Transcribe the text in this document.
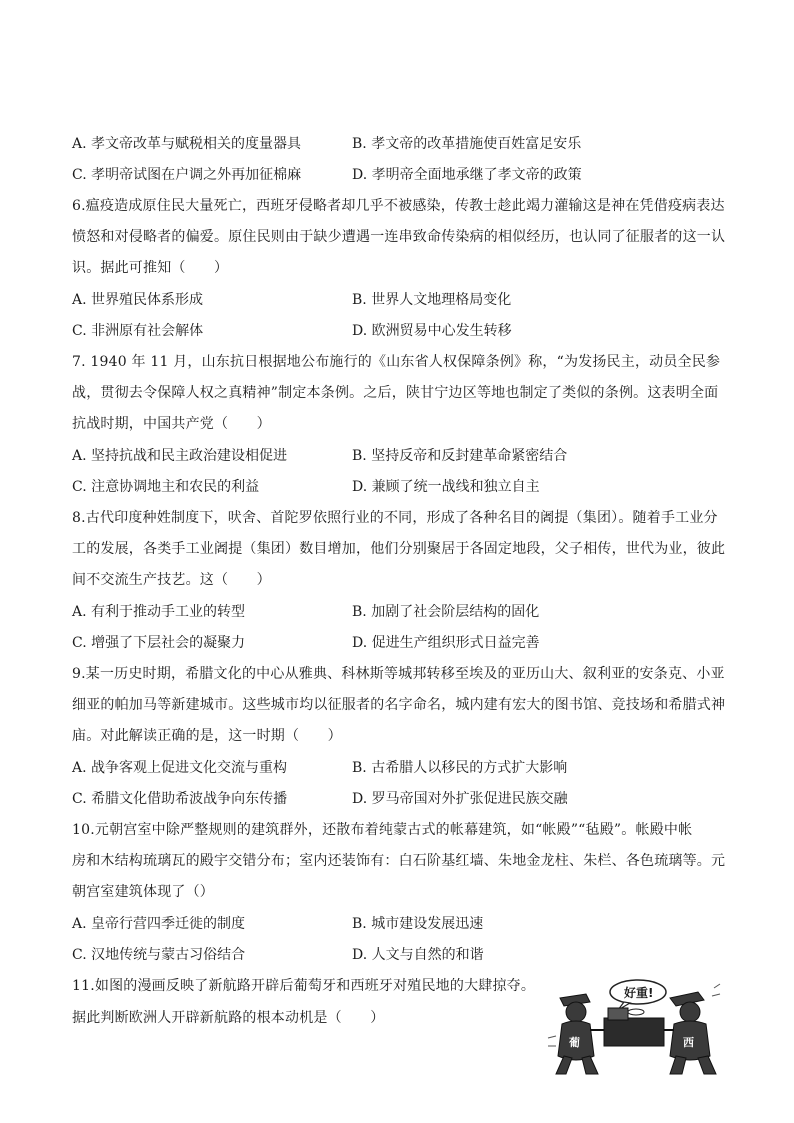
A. 孝文帝改革与赋税相关的度量器具	B. 孝文帝的改革措施使百姓富足安乐
C. 孝明帝试图在户调之外再加征棉麻	D. 孝明帝全面地承继了孝文帝的政策
6.瘟疫造成原住民大量死亡，西班牙侵略者却几乎不被感染，传教士趁此竭力灌输这是神在凭借疫病表达
愤怒和对侵略者的偏爱。原住民则由于缺少遭遇一连串致命传染病的相似经历，也认同了征服者的这一认
识。据此可推知（　　）
A. 世界殖民体系形成	B. 世界人文地理格局变化
C. 非洲原有社会解体	D. 欧洲贸易中心发生转移
7. 1940 年 11 月，山东抗日根据地公布施行的《山东省人权保障条例》称，“为发扬民主，动员全民参
战，贯彻去令保障人权之真精神”制定本条例。之后，陕甘宁边区等地也制定了类似的条例。这表明全面
抗战时期，中国共产党（　　）
A. 坚持抗战和民主政治建设相促进	B. 坚持反帝和反封建革命紧密结合
C. 注意协调地主和农民的利益	D. 兼顾了统一战线和独立自主
8.古代印度种姓制度下，吠舍、首陀罗依照行业的不同，形成了各种名目的阇提（集团）。随着手工业分
工的发展，各类手工业阇提（集团）数目增加，他们分别聚居于各固定地段，父子相传，世代为业，彼此
间不交流生产技艺。这（　　）
A. 有利于推动手工业的转型	B. 加剧了社会阶层结构的固化
C. 增强了下层社会的凝聚力	D. 促进生产组织形式日益完善
9.某一历史时期，希腊文化的中心从雅典、科林斯等城邦转移至埃及的亚历山大、叙利亚的安条克、小亚
细亚的帕加马等新建城市。这些城市均以征服者的名字命名，城内建有宏大的图书馆、竞技场和希腊式神
庙。对此解读正确的是，这一时期（　　）
A. 战争客观上促进文化交流与重构	B. 古希腊人以移民的方式扩大影响
C. 希腊文化借助希波战争向东传播	D. 罗马帝国对外扩张促进民族交融
10.元朝宫室中除严整规则的建筑群外，还散布着纯蒙古式的帐幕建筑，如“帐殿”“毡殿”。帐殿中帐
房和木结构琉璃瓦的殿宇交错分布；室内还装饰有：白石阶基红墙、朱地金龙柱、朱栏、各色琉璃等。元
朝宫室建筑体现了（）
A. 皇帝行营四季迁徙的制度	B. 城市建设发展迅速
C. 汉地传统与蒙古习俗结合	D. 人文与自然的和谐
11.如图的漫画反映了新航路开辟后葡萄牙和西班牙对殖民地的大肆掠夺。
据此判断欧洲人开辟新航路的根本动机是（　　）
好重!
葡	西
